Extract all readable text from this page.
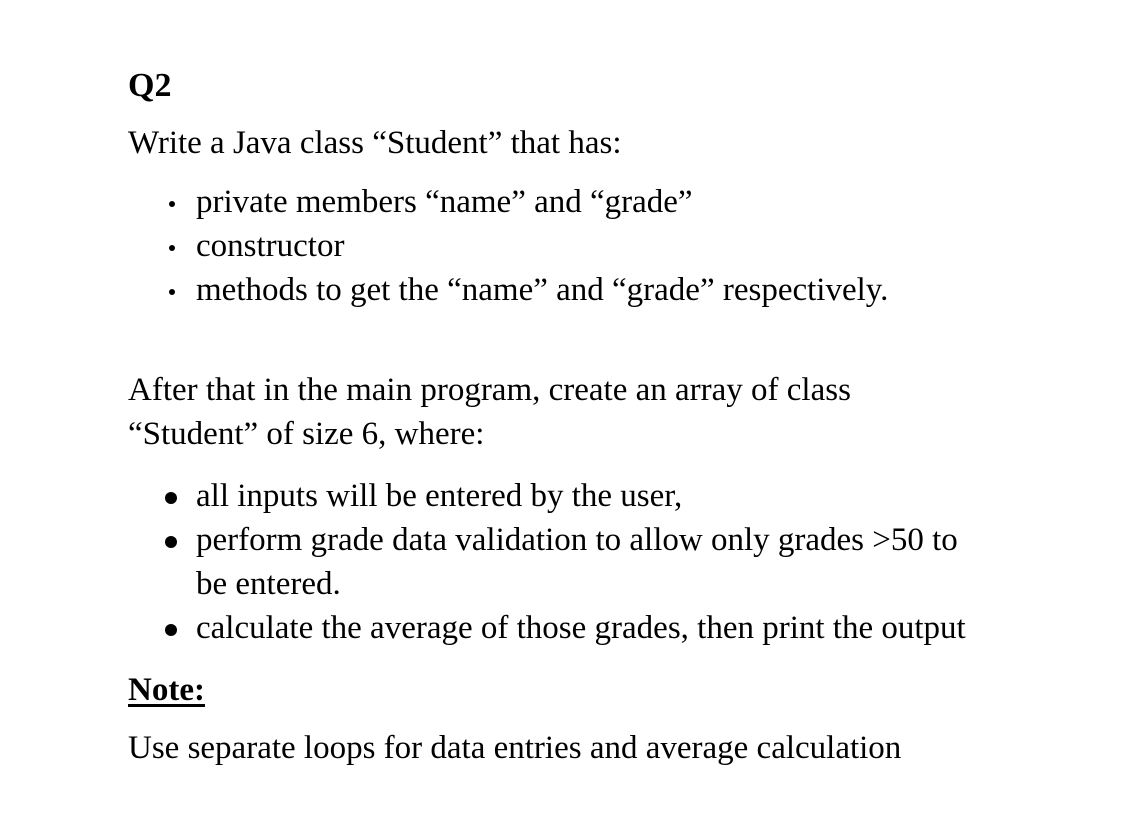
Q2

Write a Java class “Student” that has:

private members “name” and “grade”
constructor
methods to get the “name” and “grade” respectively.

After that in the main program, create an array of class
“Student” of size 6, where:

all inputs will be entered by the user,
perform grade data validation to allow only grades >50 to
be entered.
calculate the average of those grades, then print the output

Note:

Use separate loops for data entries and average calculation
